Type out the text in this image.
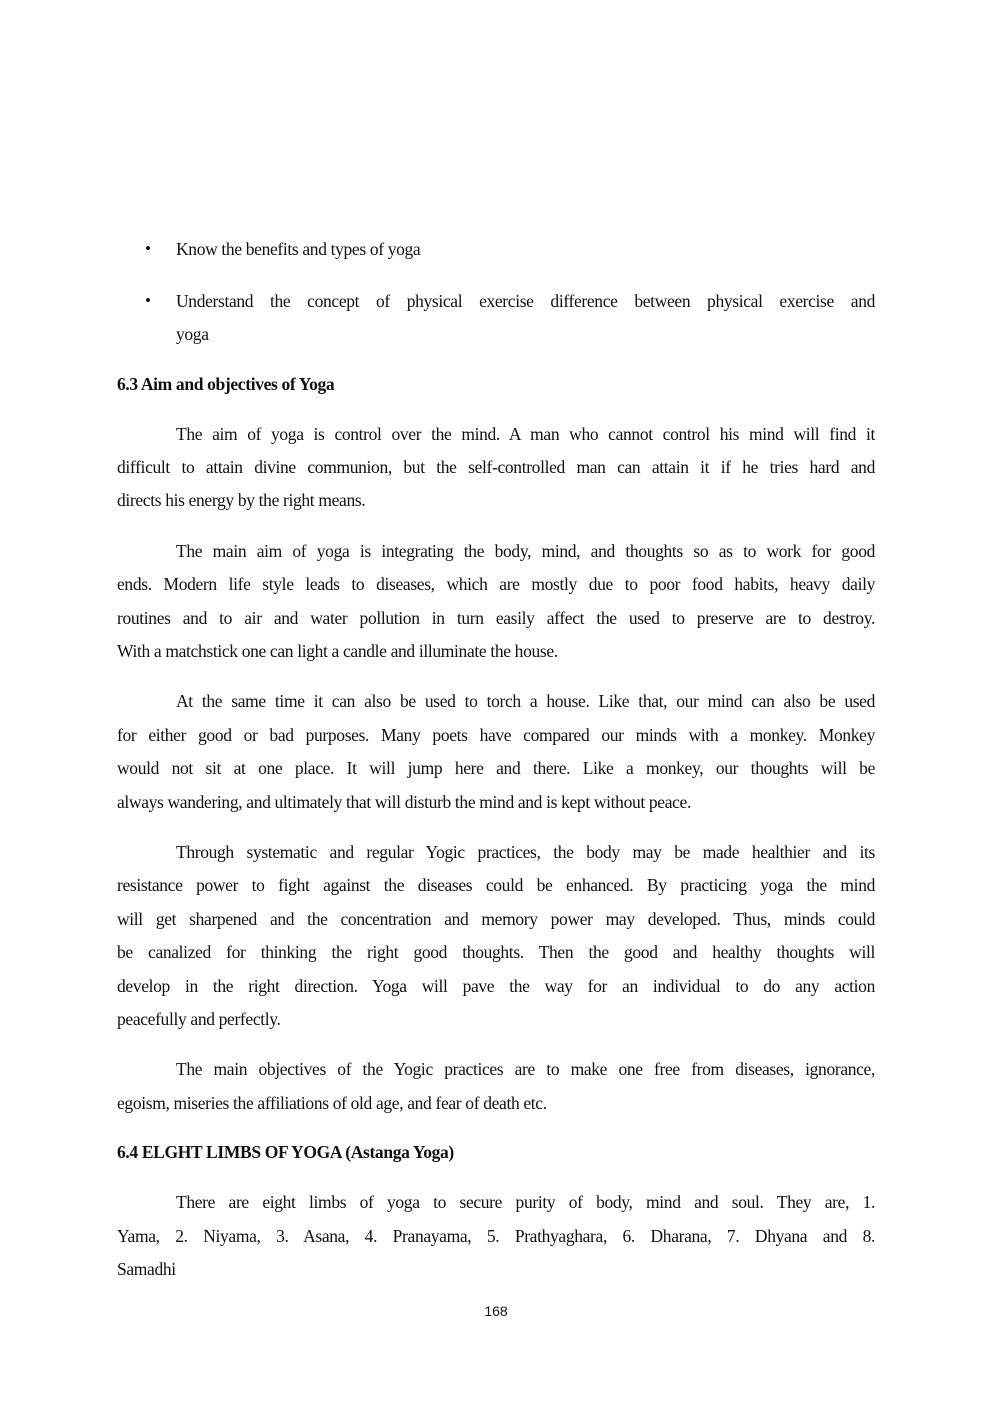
• Know the benefits and types of yoga
• Understand the concept of physical exercise difference between physical exercise and
yoga
6.3 Aim and objectives of Yoga
The aim of yoga is control over the mind. A man who cannot control his mind will find it
difficult to attain divine communion, but the self-controlled man can attain it if he tries hard and
directs his energy by the right means.
The main aim of yoga is integrating the body, mind, and thoughts so as to work for good
ends. Modern life style leads to diseases, which are mostly due to poor food habits, heavy daily
routines and to air and water pollution in turn easily affect the used to preserve are to destroy.
With a matchstick one can light a candle and illuminate the house.
At the same time it can also be used to torch a house. Like that, our mind can also be used
for either good or bad purposes. Many poets have compared our minds with a monkey. Monkey
would not sit at one place. It will jump here and there. Like a monkey, our thoughts will be
always wandering, and ultimately that will disturb the mind and is kept without peace.
Through systematic and regular Yogic practices, the body may be made healthier and its
resistance power to fight against the diseases could be enhanced. By practicing yoga the mind
will get sharpened and the concentration and memory power may developed. Thus, minds could
be canalized for thinking the right good thoughts. Then the good and healthy thoughts will
develop in the right direction. Yoga will pave the way for an individual to do any action
peacefully and perfectly.
The main objectives of the Yogic practices are to make one free from diseases, ignorance,
egoism, miseries the affiliations of old age, and fear of death etc.
6.4 ELGHT LIMBS OF YOGA (Astanga Yoga)
There are eight limbs of yoga to secure purity of body, mind and soul. They are, 1.
Yama, 2. Niyama, 3. Asana, 4. Pranayama, 5. Prathyaghara, 6. Dharana, 7. Dhyana and 8.
Samadhi
168
